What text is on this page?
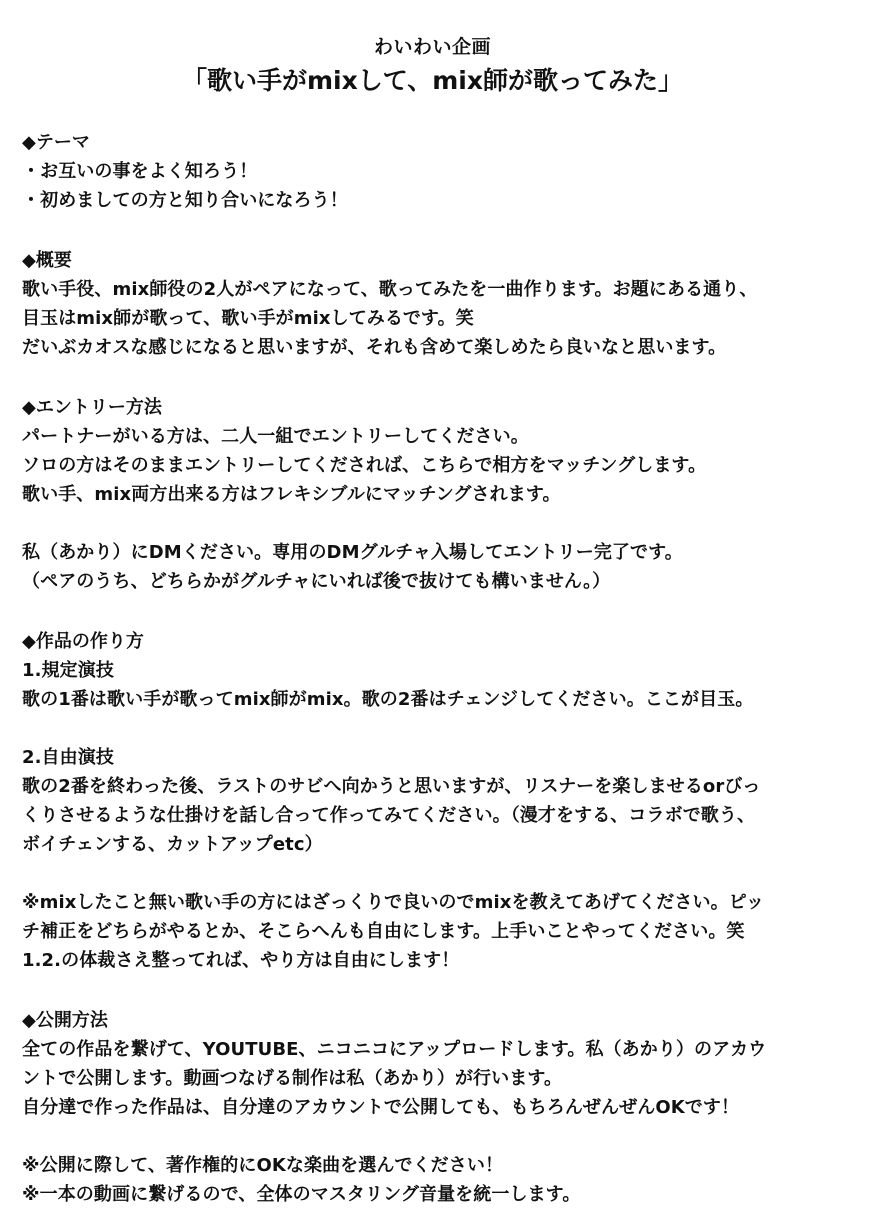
わいわい企画
「歌い手がmixして、mix師が歌ってみた」
◆テーマ
・お互いの事をよく知ろう！
・初めましての方と知り合いになろう！
◆概要
歌い手役、mix師役の2人がペアになって、歌ってみたを一曲作ります。お題にある通り、
目玉はmix師が歌って、歌い手がmixしてみるです。笑
だいぶカオスな感じになると思いますが、それも含めて楽しめたら良いなと思います。
◆エントリー方法
パートナーがいる方は、二人一組でエントリーしてください。
ソロの方はそのままエントリーしてくだされば、こちらで相方をマッチングします。
歌い手、mix両方出来る方はフレキシブルにマッチングされます。
私（あかり）にDMください。専用のDMグルチャ入場してエントリー完了です。
（ペアのうち、どちらかがグルチャにいれば後で抜けても構いません。）
◆作品の作り方
1.規定演技
歌の1番は歌い手が歌ってmix師がmix。歌の2番はチェンジしてください。ここが目玉。
2.自由演技
歌の2番を終わった後、ラストのサビへ向かうと思いますが、リスナーを楽しませるorびっ
くりさせるような仕掛けを話し合って作ってみてください。（漫才をする、コラボで歌う、
ボイチェンする、カットアップetc）
※mixしたこと無い歌い手の方にはざっくりで良いのでmixを教えてあげてください。ピッ
チ補正をどちらがやるとか、そこらへんも自由にします。上手いことやってください。笑
1.2.の体裁さえ整ってれば、やり方は自由にします！
◆公開方法
全ての作品を繋げて、YOUTUBE、ニコニコにアップロードします。私（あかり）のアカウ
ントで公開します。動画つなげる制作は私（あかり）が行います。
自分達で作った作品は、自分達のアカウントで公開しても、もちろんぜんぜんOKです！
※公開に際して、著作権的にOKな楽曲を選んでください！
※一本の動画に繋げるので、全体のマスタリング音量を統一します。
